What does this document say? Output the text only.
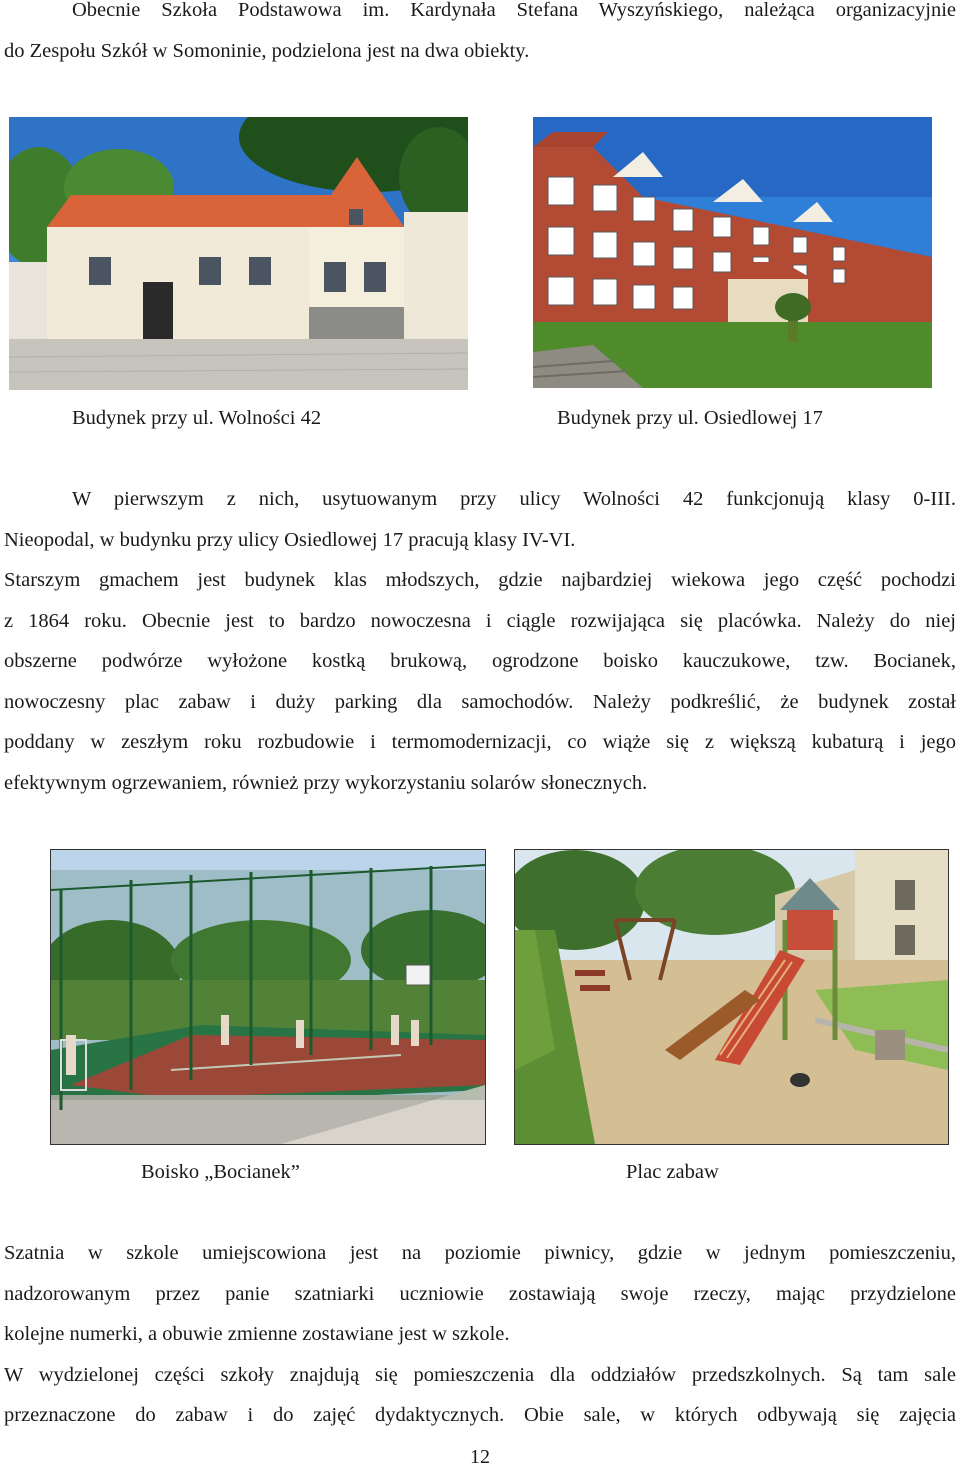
Obecnie Szkoła Podstawowa im. Kardynała Stefana Wyszyńskiego, należąca organizacyjnie
do Zespołu Szkół w Somoninie, podzielona jest na dwa obiekty.
Budynek przy ul. Wolności 42	Budynek przy ul. Osiedlowej 17
W pierwszym z nich, usytuowanym przy ulicy Wolności 42 funkcjonują klasy 0-III.
Nieopodal, w budynku przy ulicy Osiedlowej 17 pracują klasy IV-VI.
Starszym gmachem jest budynek klas młodszych, gdzie najbardziej wiekowa jego część pochodzi
z 1864 roku. Obecnie jest to bardzo nowoczesna i ciągle rozwijająca się placówka. Należy do niej
obszerne podwórze wyłożone kostką brukową, ogrodzone boisko kauczukowe, tzw. Bocianek,
nowoczesny plac zabaw i duży parking dla samochodów. Należy podkreślić, że budynek został
poddany w zeszłym roku rozbudowie i termomodernizacji, co wiąże się z większą kubaturą i jego
efektywnym ogrzewaniem, również przy wykorzystaniu solarów słonecznych.
Boisko „Bocianek”	Plac zabaw
Szatnia w szkole umiejscowiona jest na poziomie piwnicy, gdzie w jednym pomieszczeniu,
nadzorowanym przez panie szatniarki uczniowie zostawiają swoje rzeczy, mając przydzielone
kolejne numerki, a obuwie zmienne zostawiane jest w szkole.
W wydzielonej części szkoły znajdują się pomieszczenia dla oddziałów przedszkolnych. Są tam sale
przeznaczone do zabaw i do zajęć dydaktycznych. Obie sale, w których odbywają się zajęcia
12
